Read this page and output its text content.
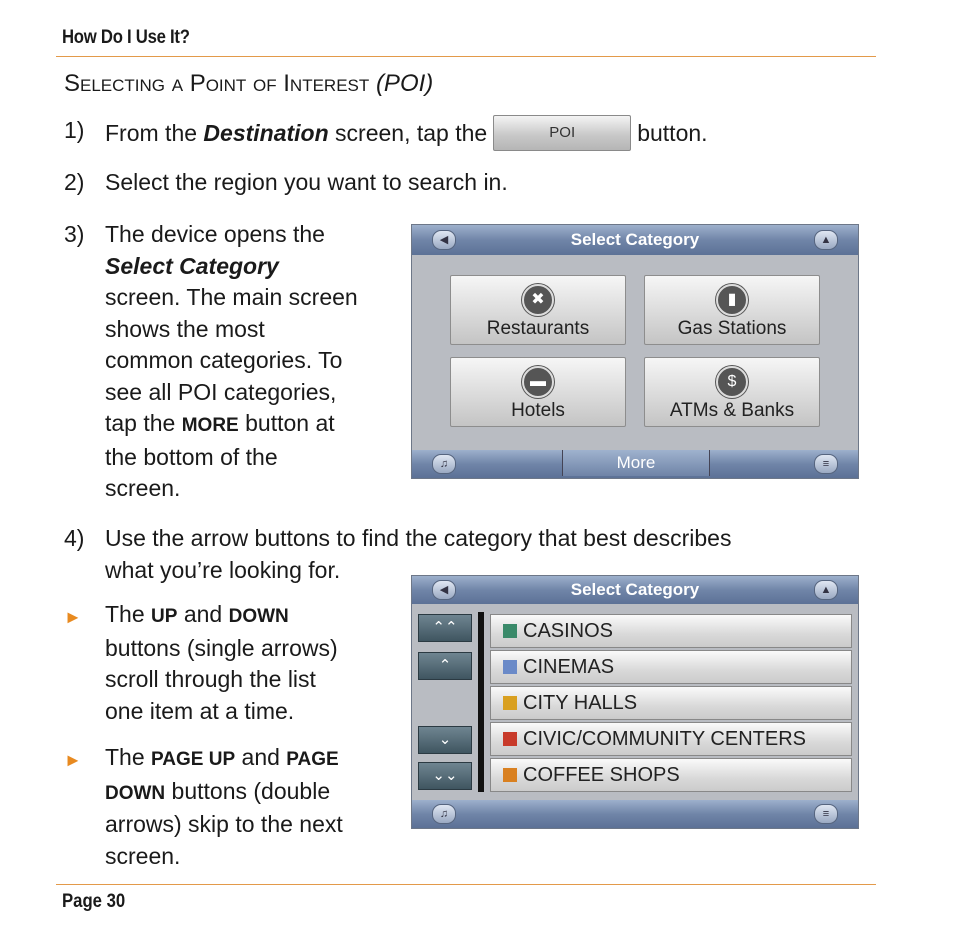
How Do I Use It?
Selecting a Point of Interest (POI)
1) From the Destination screen, tap the	POI	button.
2) Select the region you want to search in.
3) The device opens the
Select Category
screen. The main screen
shows the most
common categories. To
see all POI categories,
tap the MORE button at
the bottom of the
screen.
◀	Select Category	▲
✖
Restaurants
▮
Gas Stations
▬
Hotels
$
ATMs & Banks
♫	More	≡
4) Use the arrow buttons to find the category that best describes
what you’re looking for.
► The UP and DOWN
buttons (single arrows)
scroll through the list
one item at a time.
► The PAGE UP and PAGE
DOWN buttons (double
arrows) skip to the next
screen.
◀	Select Category	▲
⌃⌃
⌃
⌄
⌄⌄
CASINOS
CINEMAS
CITY HALLS
CIVIC/COMMUNITY CENTERS
COFFEE SHOPS
♫	≡
Page 30
